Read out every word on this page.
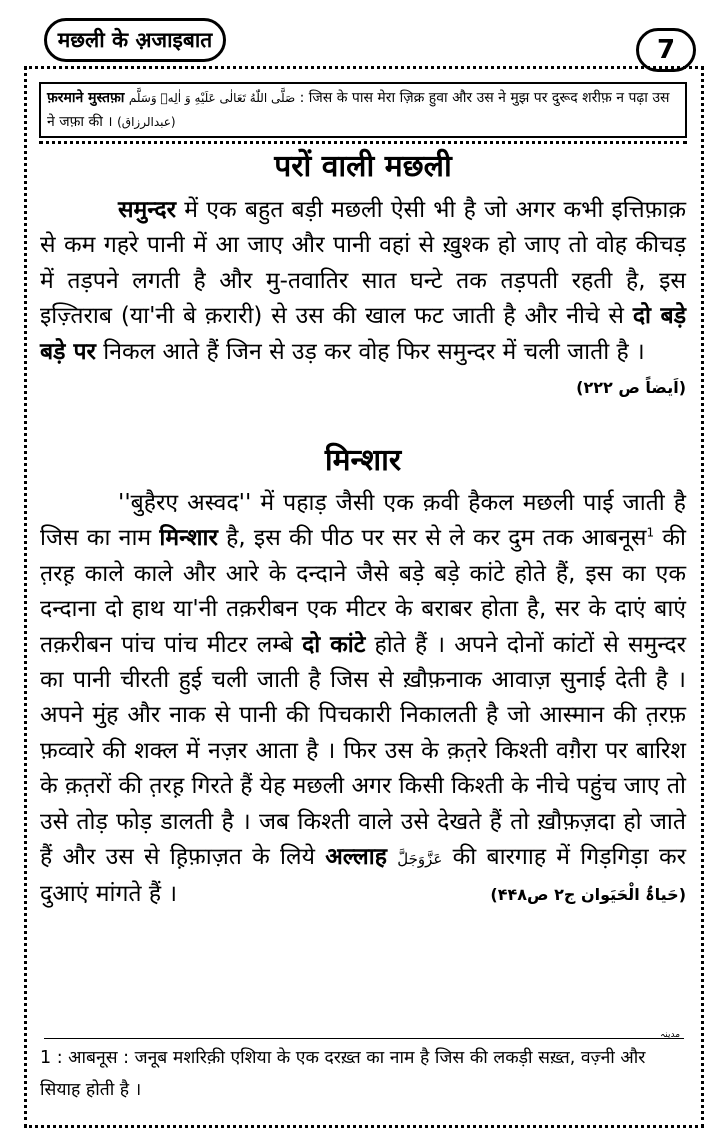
मछली के अ़जाइबात	7
फ़रमाने मुस्तफ़ा صَلَّى اللّٰهُ تَعَالٰى عَلَيْهِ وَ اٰلِهٖ وَسَلَّم : जिस के पास मेरा ज़िक्र हुवा और उस ने मुझ पर दुरूद शरीफ़ न पढ़ा उस ने जफ़ा की । (عبدالرزاق)
परों वाली मछली

समुन्दर में एक बहुत बड़ी मछली ऐसी भी है जो अगर कभी इत्तिफ़ाक़ से कम गहरे पानी में आ जाए और पानी वहां से ख़ुश्क हो जाए तो वोह कीचड़ में तड़पने लगती है और मु-तवातिर सात घन्टे तक तड़पती रहती है, इस इज़्तिराब (या'नी बे क़रारी) से उस की खाल फट जाती है और नीचे से दो बड़े बड़े पर निकल आते हैं जिन से उड़ कर वोह फिर समुन्दर में चली जाती है ।
(اَیضاً ص ۲۲۲)

मिन्शार

''बुहैरए अस्वद'' में पहाड़ जैसी एक क़वी हैकल मछली पाई जाती है जिस का नाम मिन्शार है, इस की पीठ पर सर से ले कर दुम तक आबनूस$^1$ की त़रह़ काले काले और आरे के दन्दाने जैसे बड़े बड़े कांटे होते हैं, इस का एक दन्दाना दो हाथ या'नी तक़रीबन एक मीटर के बराबर होता है, सर के दाएं बाएं तक़रीबन पांच पांच मीटर लम्बे दो कांटे होते हैं । अपने दोनों कांटों से समुन्दर का पानी चीरती हुई चली जाती है जिस से ख़ौफ़नाक आवाज़ सुनाई देती है । अपने मुंह और नाक से पानी की पिचकारी निकालती है जो आस्मान की त़रफ़ फ़व्वारे की शक्ल में नज़र आता है । फिर उस के क़त़रे किश्ती वग़ैरा पर बारिश के क़त़रों की त़रह़ गिरते हैं येह मछली अगर किसी किश्ती के नीचे पहुंच जाए तो उसे तोड़ फोड़ डालती है । जब किश्ती वाले उसे देखते हैं तो ख़ौफ़ज़दा हो जाते हैं और उस से ह़िफ़ाज़त के लिये अल्लाह عَزَّوَجَلَّ की बारगाह में गिड़गिड़ा कर दुआएं मांगते हैं ।	(حَیاۃُ الْحَیَوان ج۲ ص۴۴۸)

مدینہ

1 : आबनूस : जनूब मशरिक़ी एशिया के एक दरख़्त का नाम है जिस की लकड़ी सख़्त, वज़्नी और सियाह होती है ।
